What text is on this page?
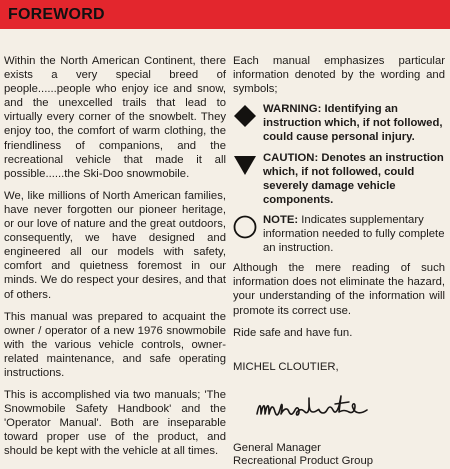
FOREWORD

Within the North American Continent, there exists a very special breed of people......people who enjoy ice and snow, and the unexcelled trails that lead to virtually every corner of the snowbelt. They enjoy too, the comfort of warm clothing, the friendliness of companions, and the recreational vehicle that made it all possible......the Ski-Doo snowmobile.

We, like millions of North American families, have never forgotten our pioneer heritage, or our love of nature and the great outdoors, consequently, we have designed and engineered all our models with safety, comfort and quietness foremost in our minds. We do respect your desires, and that of others.

This manual was prepared to acquaint the owner / operator of a new 1976 snowmobile with the various vehicle controls, owner-related maintenance, and safe operating instructions.

This is accomplished via two manuals; 'The Snowmobile Safety Handbook' and the 'Operator Manual'. Both are inseparable toward proper use of the product, and should be kept with the vehicle at all times.

Each manual emphasizes particular information denoted by the wording and symbols;

WARNING: Identifying an instruction which, if not followed, could cause personal injury.
CAUTION: Denotes an instruction which, if not followed, could severely damage vehicle components.
NOTE: Indicates supplementary information needed to fully complete an instruction.

Although the mere reading of such information does not eliminate the hazard, your understanding of the information will promote its correct use.

Ride safe and have fun.

MICHEL CLOUTIER,
General Manager
Recreational Product Group
